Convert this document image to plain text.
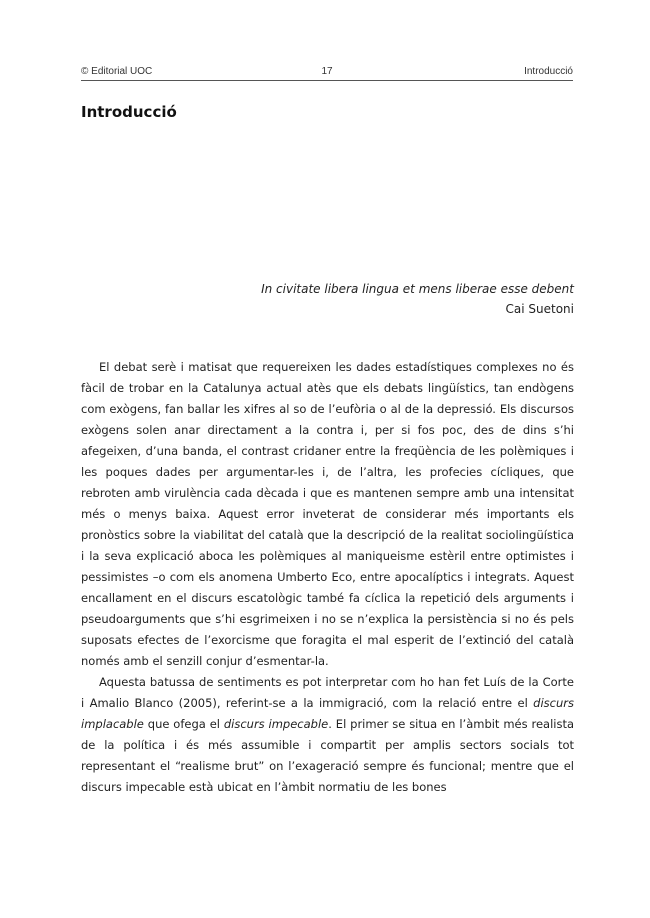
© Editorial UOC	17	Introducció
Introducció
In civitate libera lingua et mens liberae esse debent
Cai Suetoni

El debat serè i matisat que requereixen les dades estadístiques complexes no és fàcil de trobar en la Catalunya actual atès que els debats lingüístics, tan endògens com exògens, fan ballar les xifres al so de l’eufòria o al de la depressió. Els discursos exògens solen anar directament a la contra i, per si fos poc, des de dins s’hi afegeixen, d’una banda, el contrast cridaner entre la freqüència de les polèmiques i les poques dades per argumentar-les i, de l’altra, les profecies cícliques, que rebroten amb virulència cada dècada i que es mantenen sempre amb una intensitat més o menys baixa. Aquest error inveterat de considerar més importants els pronòstics sobre la viabilitat del català que la descripció de la realitat sociolingüística i la seva explicació aboca les polèmiques al maniqueisme estèril entre optimistes i pessimistes –o com els anomena Umberto Eco, entre apocalíptics i integrats. Aquest encallament en el discurs escatològic també fa cíclica la repetició dels arguments i pseudoarguments que s’hi esgrimeixen i no se n’explica la persistència si no és pels suposats efectes de l’exorcisme que foragita el mal esperit de l’extinció del català només amb el senzill conjur d’esmentar-la.

Aquesta batussa de sentiments es pot interpretar com ho han fet Luís de la Corte i Amalio Blanco (2005), referint-se a la immigració, com la relació entre el discurs implacable que ofega el discurs impecable. El primer se situa en l’àmbit més realista de la política i és més assumible i compartit per amplis sectors socials tot representant el “realisme brut” on l’exageració sempre és funcional; mentre que el discurs impecable està ubicat en l’àmbit normatiu de les bones
